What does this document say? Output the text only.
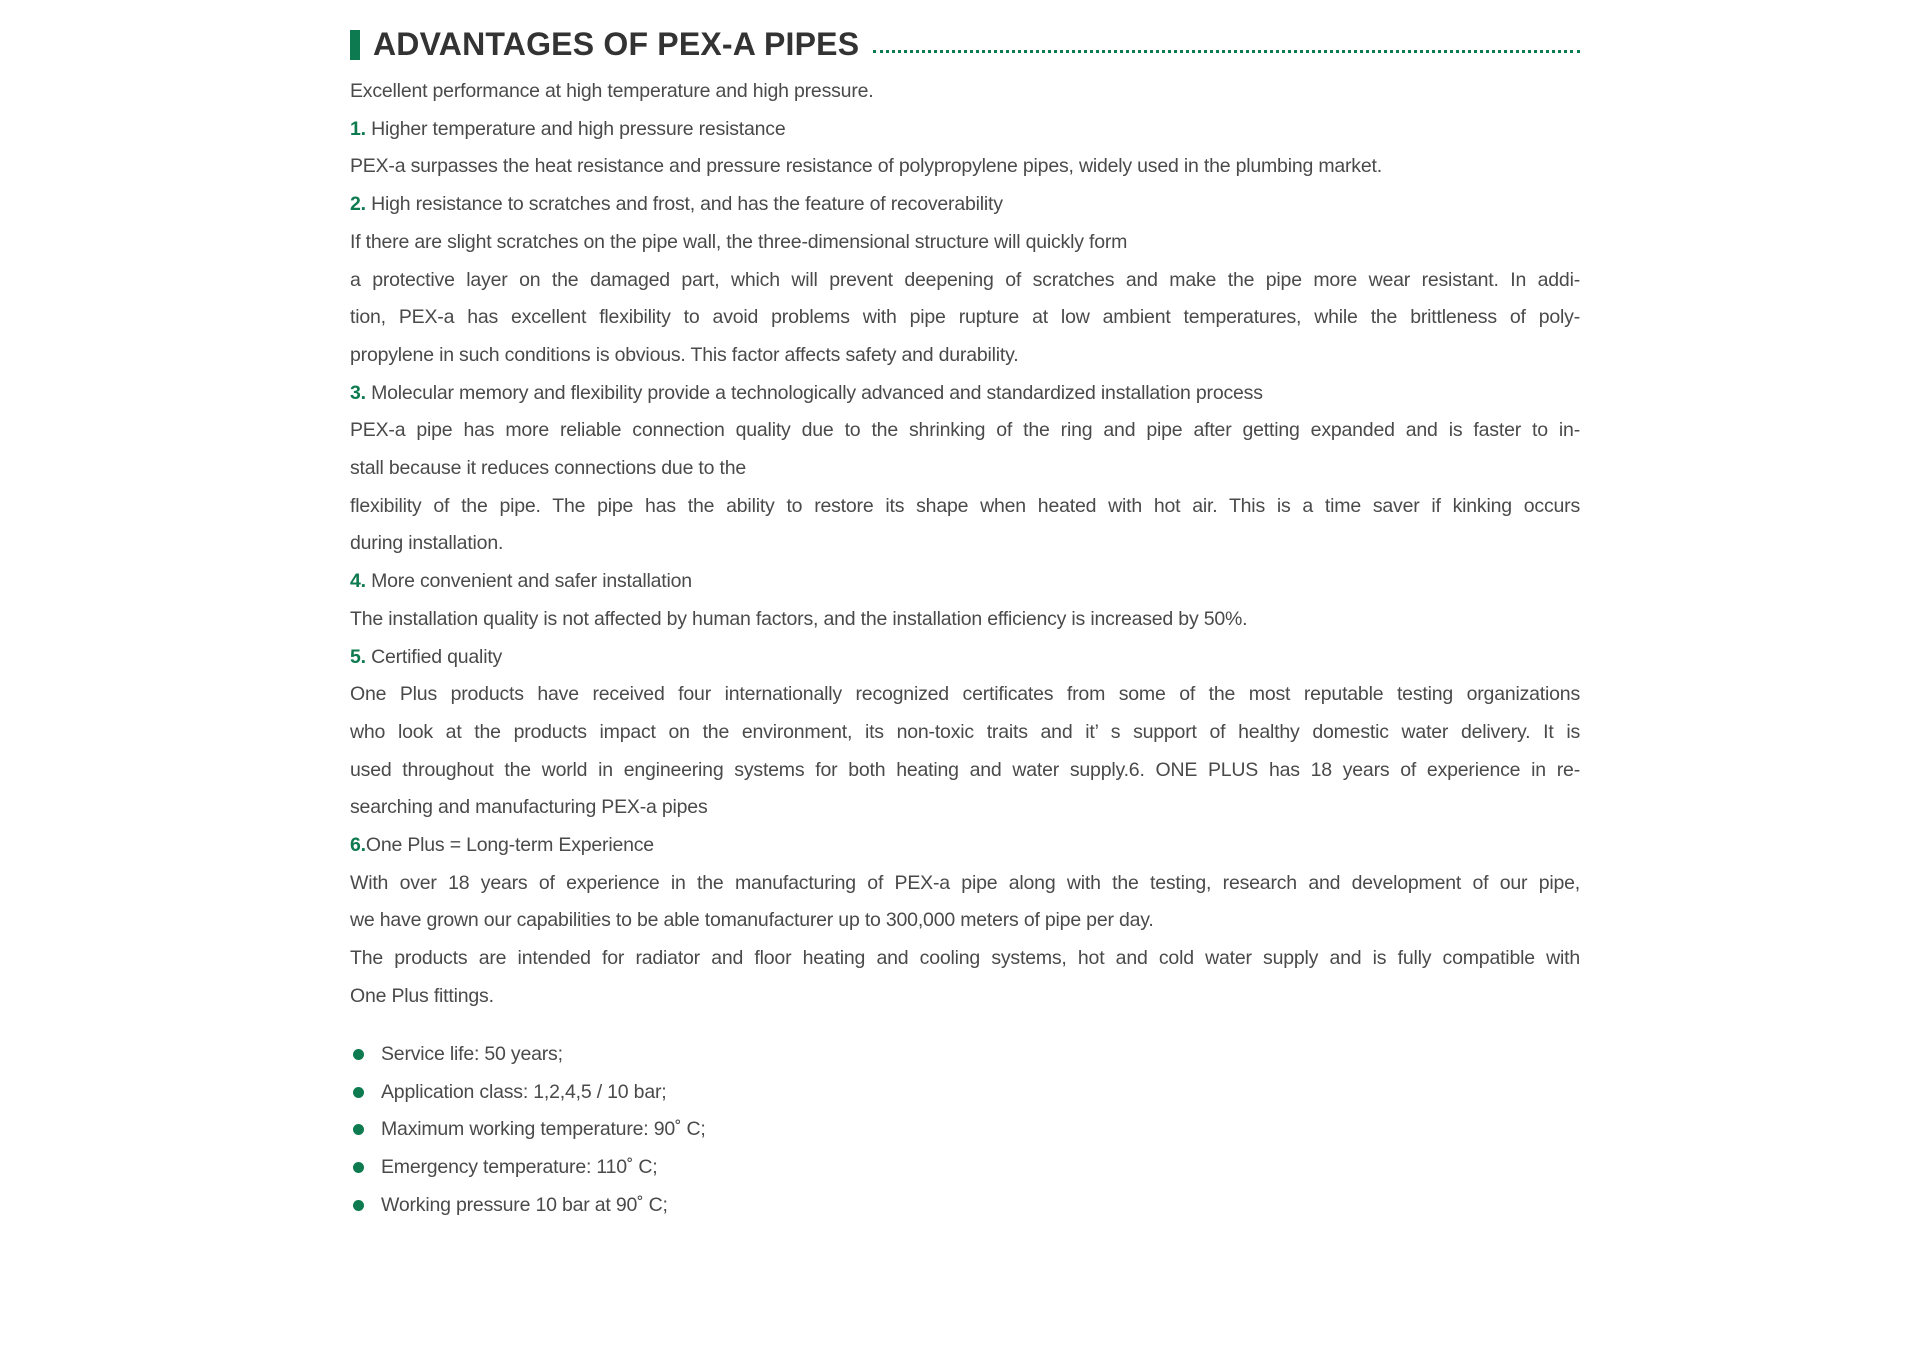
ADVANTAGES OF PEX-A PIPES
Excellent performance at high temperature and high pressure.
1. Higher temperature and high pressure resistance
PEX-a surpasses the heat resistance and pressure resistance of polypropylene pipes, widely used in the plumbing market.
2. High resistance to scratches and frost, and has the feature of recoverability
If there are slight scratches on the pipe wall, the three-dimensional structure will quickly form
a protective layer on the damaged part, which will prevent deepening of scratches and make the pipe more wear resistant. In addi-
tion, PEX-a has excellent flexibility to avoid problems with pipe rupture at low ambient temperatures, while the brittleness of poly-
propylene in such conditions is obvious. This factor affects safety and durability.
3. Molecular memory and flexibility provide a technologically advanced and standardized installation process
PEX-a pipe has more reliable connection quality due to the shrinking of the ring and pipe after getting expanded and is faster to in-
stall because it reduces connections due to the
flexibility of the pipe. The pipe has the ability to restore its shape when heated with hot air. This is a time saver if kinking occurs
during installation.
4. More convenient and safer installation
The installation quality is not affected by human factors, and the installation efficiency is increased by 50%.
5. Certified quality
One Plus products have received four internationally recognized certificates from some of the most reputable testing organizations
who look at the products impact on the environment, its non-toxic traits and it’ s support of healthy domestic water delivery. It is
used throughout the world in engineering systems for both heating and water supply.6. ONE PLUS has 18 years of experience in re-
searching and manufacturing PEX-a pipes
6.One Plus = Long-term Experience
With over 18 years of experience in the manufacturing of PEX-a pipe along with the testing, research and development of our pipe,
we have grown our capabilities to be able tomanufacturer up to 300,000 meters of pipe per day.
The products are intended for radiator and floor heating and cooling systems, hot and cold water supply and is fully compatible with
One Plus fittings.
Service life: 50 years;
Application class: 1,2,4,5 / 10 bar;
Maximum working temperature: 90˚ C;
Emergency temperature: 110˚ C;
Working pressure 10 bar at 90˚ C;
